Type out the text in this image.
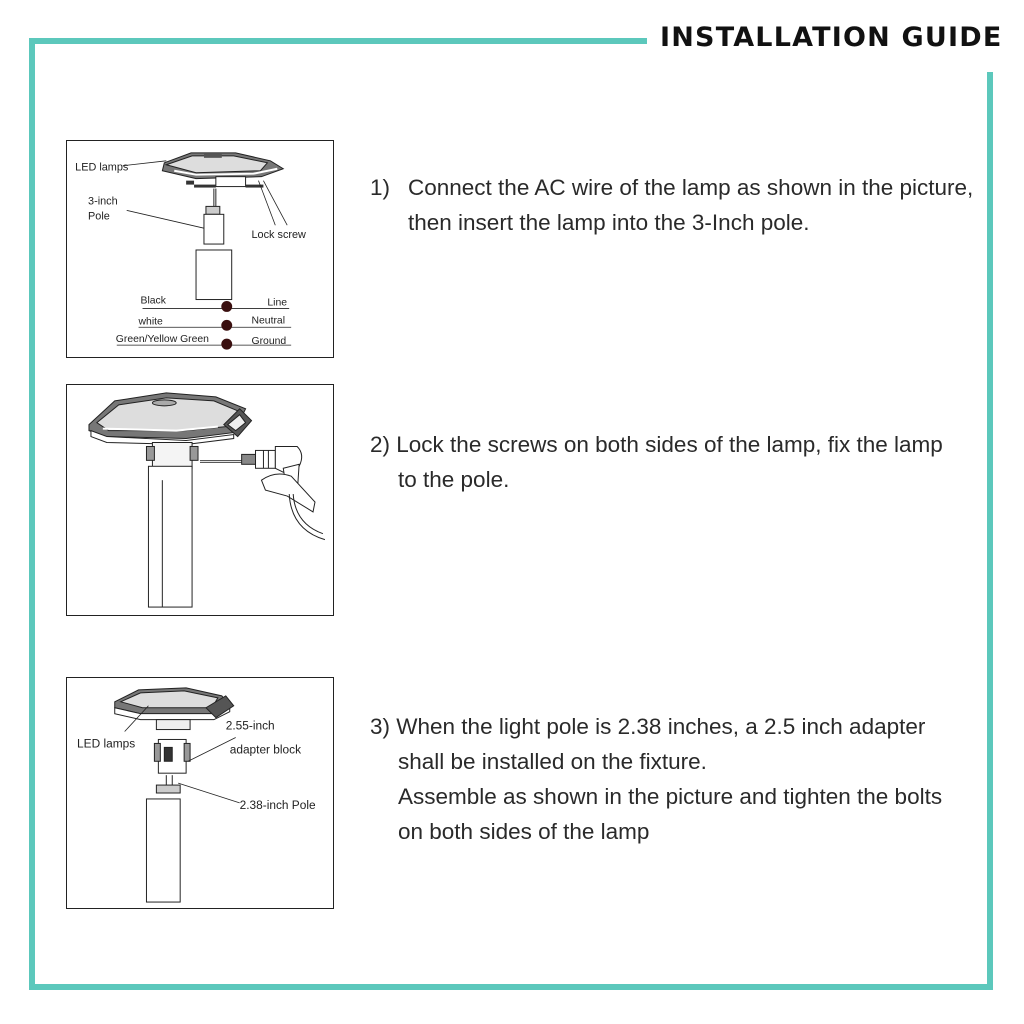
INSTALLATION GUIDE
LED lamps
3-inch
Pole
Lock screw
Black	Line
white	Neutral
Green/Yellow Green	Ground
LED lamps
2.55-inch
adapter block
2.38-inch Pole
1) Connect the AC wire of the lamp as shown in the picture,
then insert the lamp into the 3-Inch pole.
2) Lock the screws on both sides of the lamp, fix the lamp
to the pole.
3) When the light pole is 2.38 inches, a 2.5 inch adapter
shall be installed on the fixture.
Assemble as shown in the picture and tighten the bolts
on both sides of the lamp
